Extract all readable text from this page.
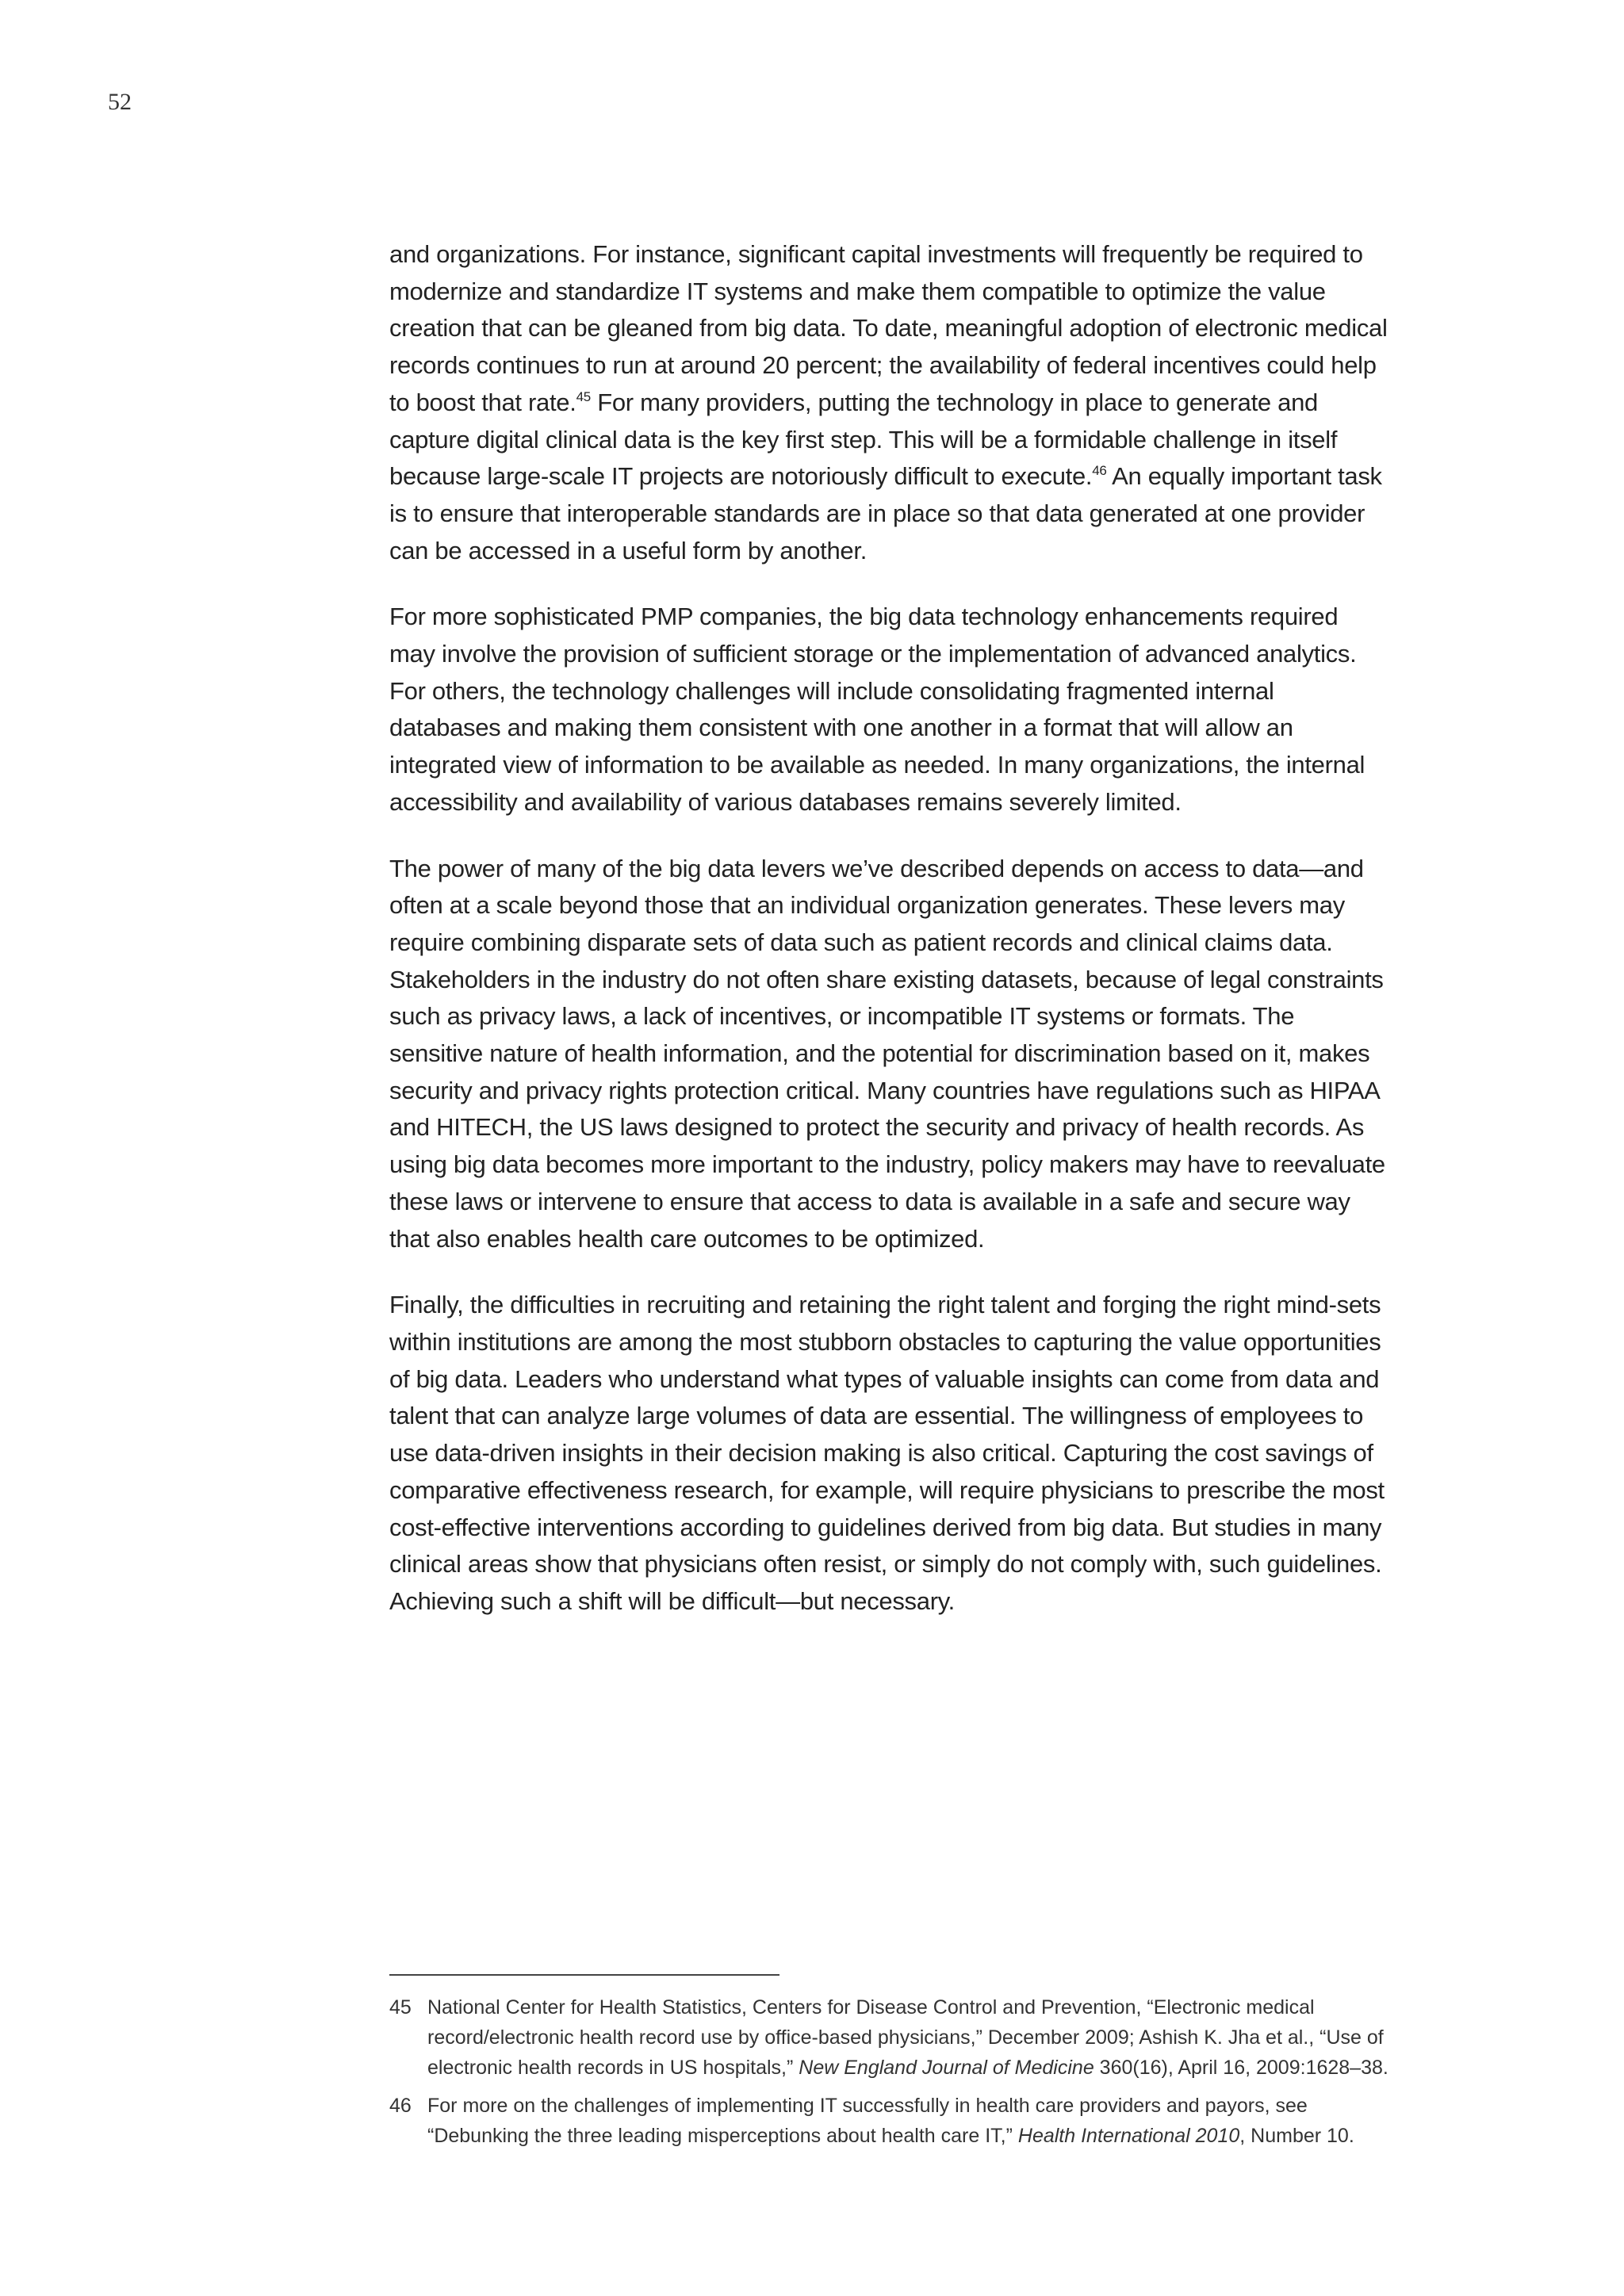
52

and organizations. For instance, significant capital investments will frequently be required to modernize and standardize IT systems and make them compatible to optimize the value creation that can be gleaned from big data. To date, meaningful adoption of electronic medical records continues to run at around 20 percent; the availability of federal incentives could help to boost that rate.$^{45}$ For many providers, putting the technology in place to generate and capture digital clinical data is the key first step. This will be a formidable challenge in itself because large-scale IT projects are notoriously difficult to execute.$^{46}$ An equally important task is to ensure that interoperable standards are in place so that data generated at one provider can be accessed in a useful form by another.

For more sophisticated PMP companies, the big data technology enhancements required may involve the provision of sufficient storage or the implementation of advanced analytics. For others, the technology challenges will include consolidating fragmented internal databases and making them consistent with one another in a format that will allow an integrated view of information to be available as needed. In many organizations, the internal accessibility and availability of various databases remains severely limited.

The power of many of the big data levers we’ve described depends on access to data—and often at a scale beyond those that an individual organization generates. These levers may require combining disparate sets of data such as patient records and clinical claims data. Stakeholders in the industry do not often share existing datasets, because of legal constraints such as privacy laws, a lack of incentives, or incompatible IT systems or formats. The sensitive nature of health information, and the potential for discrimination based on it, makes security and privacy rights protection critical. Many countries have regulations such as HIPAA and HITECH, the US laws designed to protect the security and privacy of health records. As using big data becomes more important to the industry, policy makers may have to reevaluate these laws or intervene to ensure that access to data is available in a safe and secure way that also enables health care outcomes to be optimized.

Finally, the difficulties in recruiting and retaining the right talent and forging the right mind-sets within institutions are among the most stubborn obstacles to capturing the value opportunities of big data. Leaders who understand what types of valuable insights can come from data and talent that can analyze large volumes of data are essential. The willingness of employees to use data-driven insights in their decision making is also critical. Capturing the cost savings of comparative effectiveness research, for example, will require physicians to prescribe the most cost-effective interventions according to guidelines derived from big data. But studies in many clinical areas show that physicians often resist, or simply do not comply with, such guidelines. Achieving such a shift will be difficult—but necessary.

45 National Center for Health Statistics, Centers for Disease Control and Prevention, “Electronic medical record/electronic health record use by office-based physicians,” December 2009; Ashish K. Jha et al., “Use of electronic health records in US hospitals,” New England Journal of Medicine 360(16), April 16, 2009:1628–38.
46 For more on the challenges of implementing IT successfully in health care providers and payors, see “Debunking the three leading misperceptions about health care IT,” Health International 2010, Number 10.
